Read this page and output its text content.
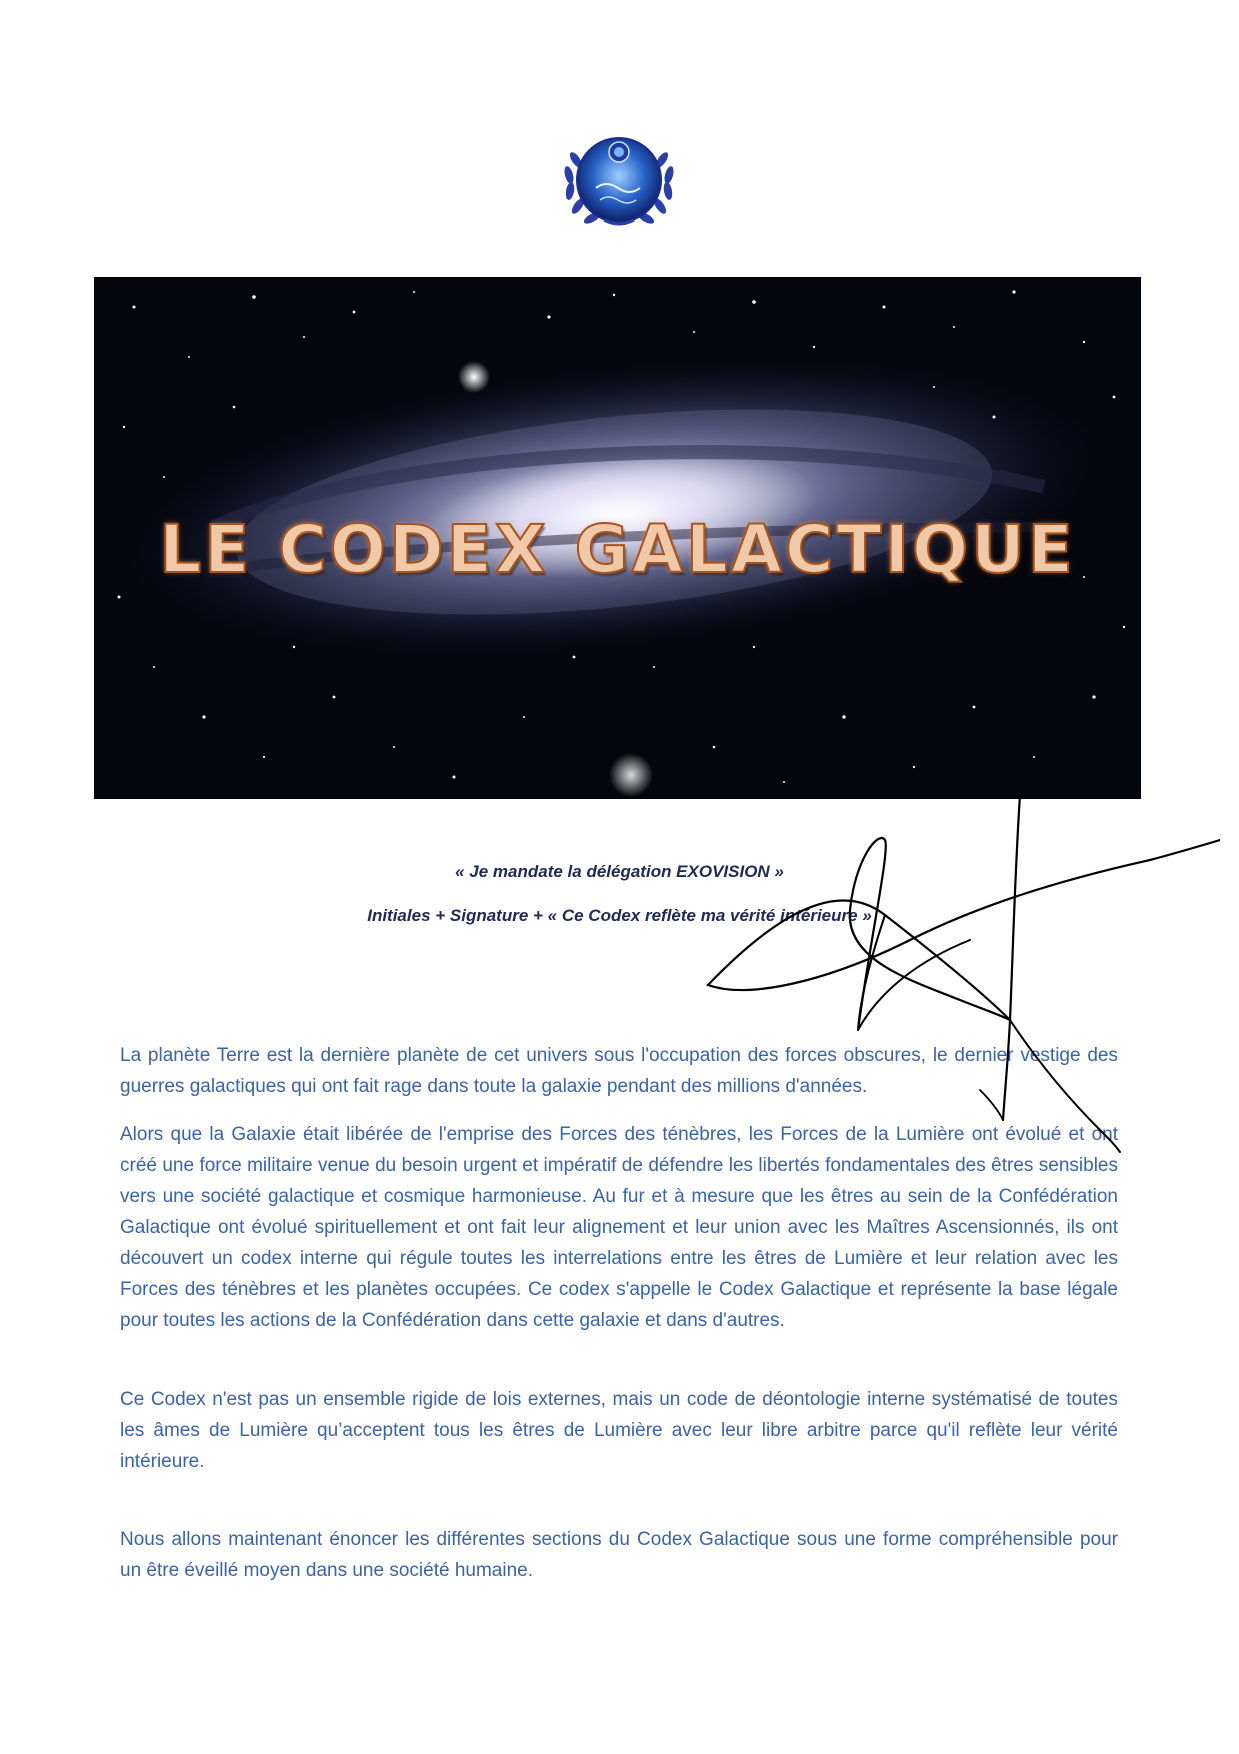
LE CODEX GALACTIQUE
« Je mandate la délégation EXOVISION »
Initiales + Signature + « Ce Codex reflète ma vérité intérieure »

La planète Terre est la dernière planète de cet univers sous l'occupation des forces obscures, le dernier vestige des guerres galactiques qui ont fait rage dans toute la galaxie pendant des millions d'années.

Alors que la Galaxie était libérée de l'emprise des Forces des ténèbres, les Forces de la Lumière ont évolué et ont créé une force militaire venue du besoin urgent et impératif de défendre les libertés fondamentales des êtres sensibles vers une société galactique et cosmique harmonieuse. Au fur et à mesure que les êtres au sein de la Confédération Galactique ont évolué spirituellement et ont fait leur alignement et leur union avec les Maîtres Ascensionnés, ils ont découvert un codex interne qui régule toutes les interrelations entre les êtres de Lumière et leur relation avec les Forces des ténèbres et les planètes occupées. Ce codex s'appelle le Codex Galactique et représente la base légale pour toutes les actions de la Confédération dans cette galaxie et dans d'autres.

Ce Codex n'est pas un ensemble rigide de lois externes, mais un code de déontologie interne systématisé de toutes les âmes de Lumière qu’acceptent tous les êtres de Lumière avec leur libre arbitre parce qu'il reflète leur vérité intérieure.

Nous allons maintenant énoncer les différentes sections du Codex Galactique sous une forme compréhensible pour un être éveillé moyen dans une société humaine.
